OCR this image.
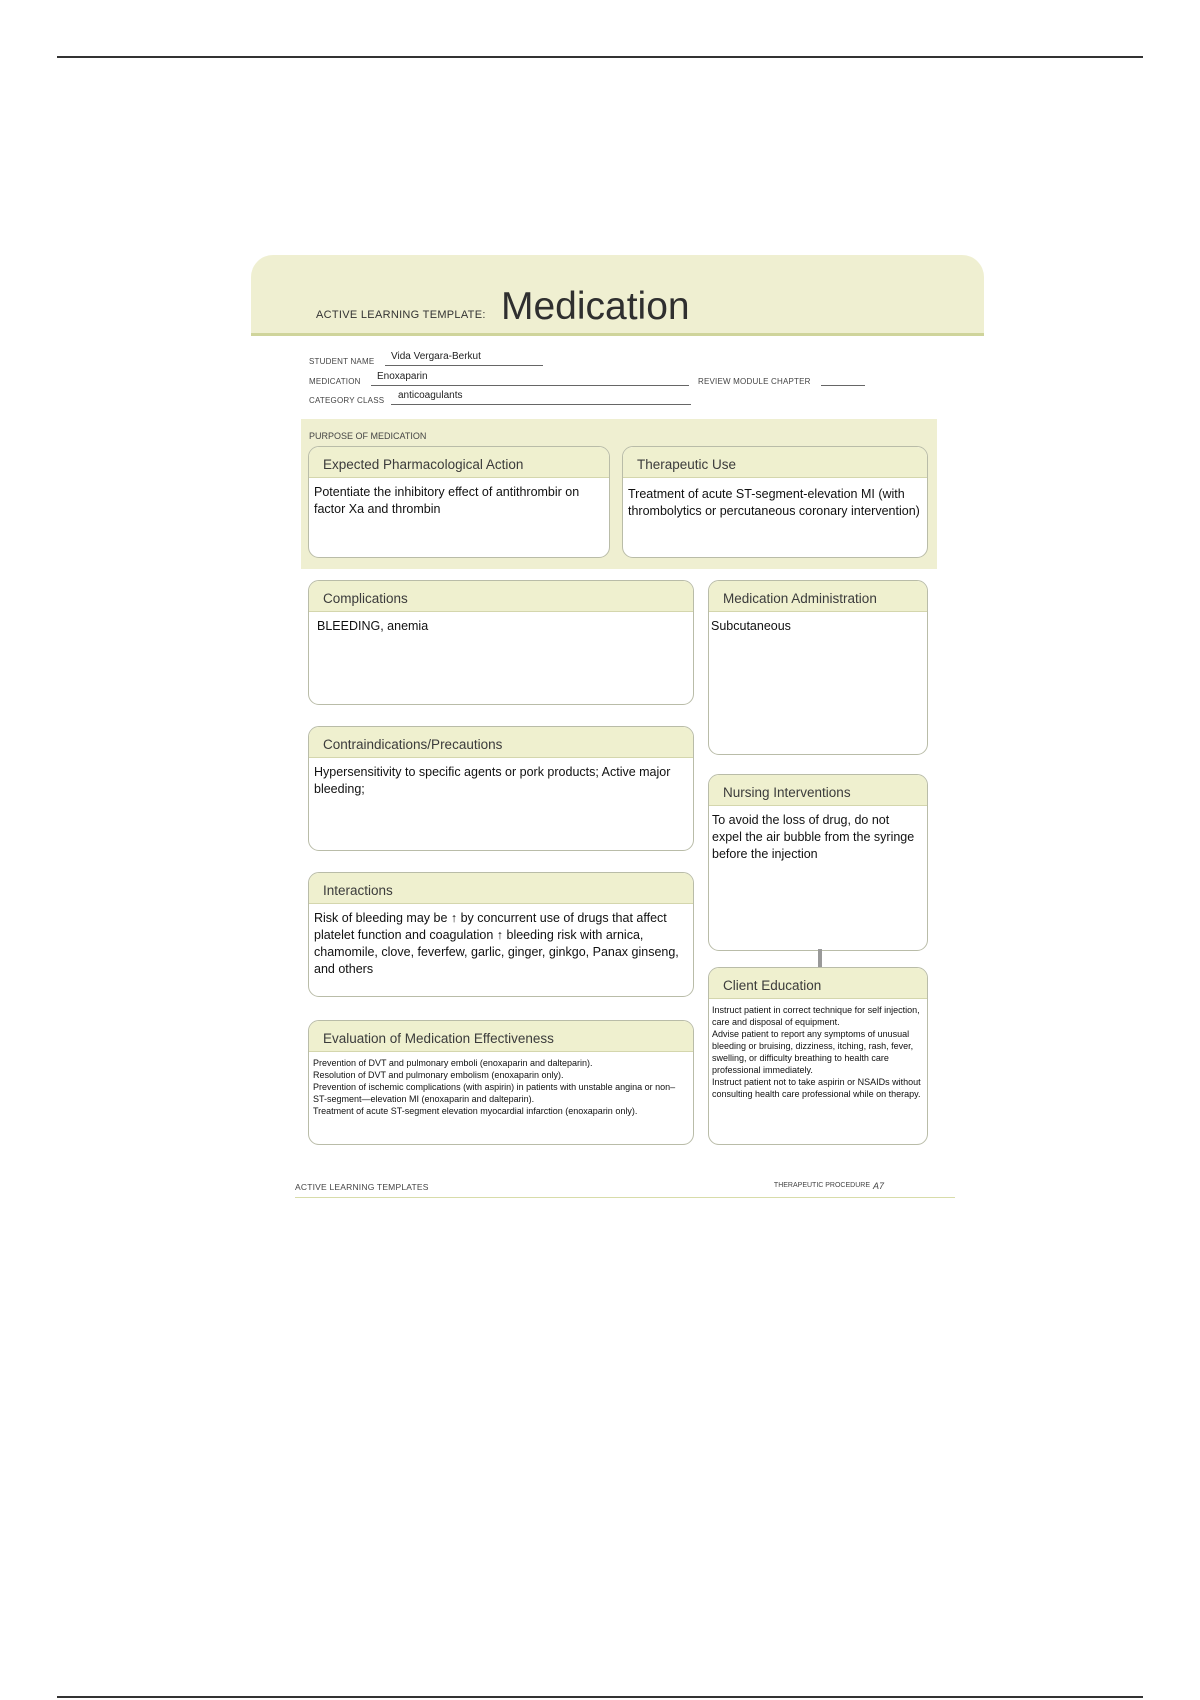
ACTIVE LEARNING TEMPLATE: Medication
STUDENT NAME Vida Vergara-Berkut
MEDICATION Enoxaparin	REVIEW MODULE CHAPTER
CATEGORY CLASS anticoagulants
PURPOSE OF MEDICATION
Expected Pharmacological Action
Potentiate the inhibitory effect of antithrombir on factor Xa and thrombin
Therapeutic Use
Treatment of acute ST-segment-elevation MI (with thrombolytics or percutaneous coronary intervention)
Complications
BLEEDING, anemia
Contraindications/Precautions
Hypersensitivity to specific agents or pork products; Active major bleeding;
Interactions
Risk of bleeding may be ↑ by concurrent use of drugs that affect platelet function and coagulation ↑ bleeding risk with arnica, chamomile, clove, feverfew, garlic, ginger, ginkgo, Panax ginseng, and others
Evaluation of Medication Effectiveness
Prevention of DVT and pulmonary emboli (enoxaparin and dalteparin).
Resolution of DVT and pulmonary embolism (enoxaparin only).
Prevention of ischemic complications (with aspirin) in patients with unstable angina or non–ST-segment—elevation MI (enoxaparin and dalteparin).
Treatment of acute ST-segment elevation myocardial infarction (enoxaparin only).
Medication Administration
Subcutaneous
Nursing Interventions
To avoid the loss of drug, do not expel the air bubble from the syringe before the injection
Client Education
Instruct patient in correct technique for self injection, care and disposal of equipment.
Advise patient to report any symptoms of unusual bleeding or bruising, dizziness, itching, rash, fever, swelling, or difficulty breathing to health care professional immediately.
Instruct patient not to take aspirin or NSAIDs without consulting health care professional while on therapy.
ACTIVE LEARNING TEMPLATES	THERAPEUTIC PROCEDURE A7
